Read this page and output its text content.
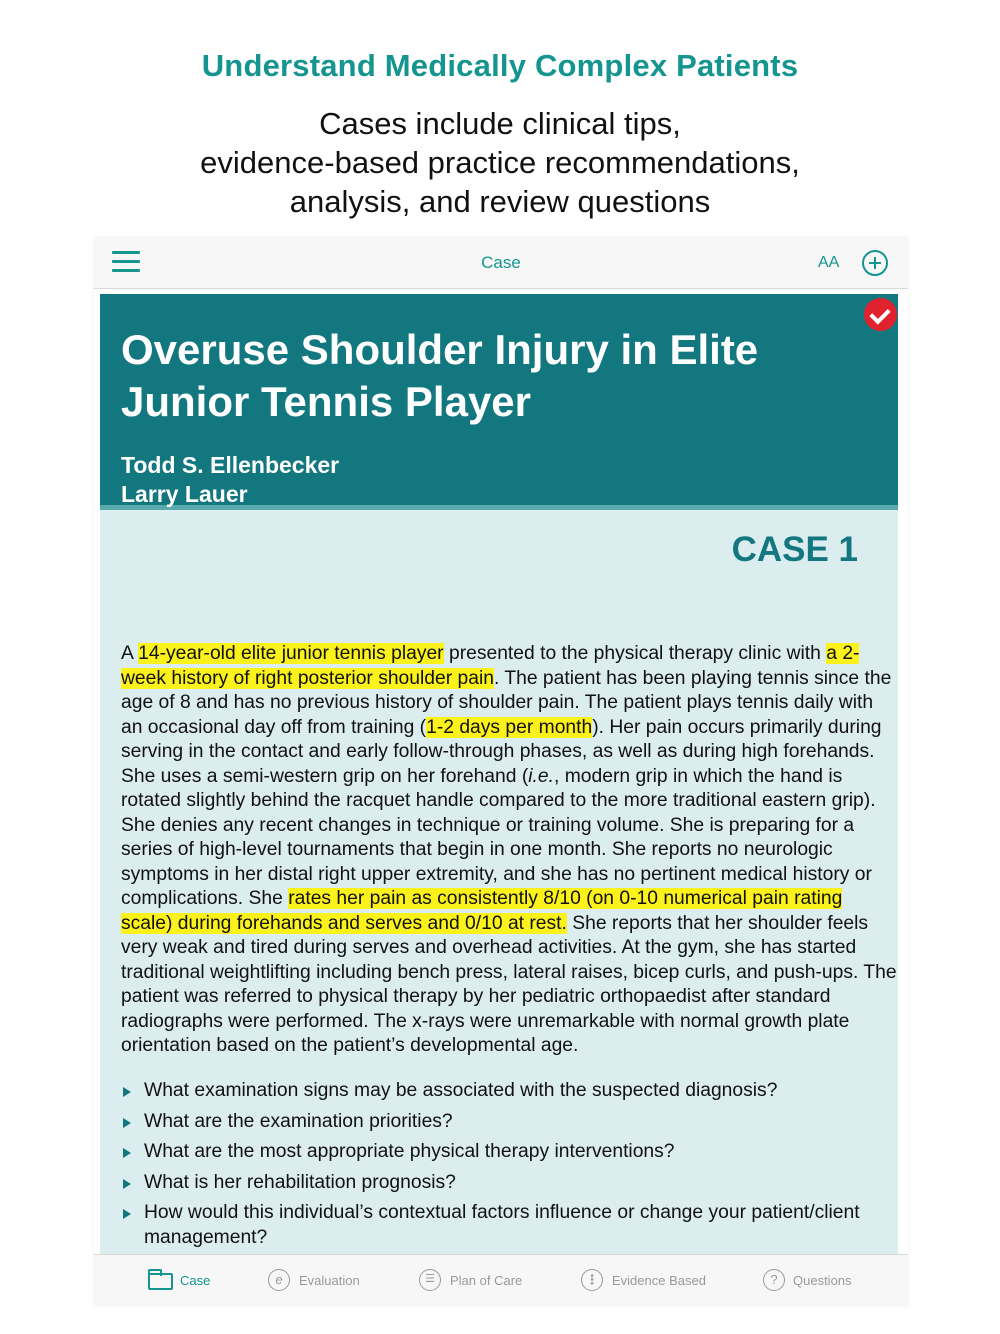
Understand Medically Complex Patients
Cases include clinical tips,
evidence-based practice recommendations,
analysis, and review questions
Case	AA
Overuse Shoulder Injury in Elite Junior Tennis Player
Todd S. Ellenbecker
Larry Lauer
CASE 1

A 14-year-old elite junior tennis player presented to the physical therapy clinic with a 2-week history of right posterior shoulder pain. The patient has been playing tennis since the age of 8 and has no previous history of shoulder pain. The patient plays tennis daily with an occasional day off from training (1-2 days per month). Her pain occurs primarily during serving in the contact and early follow-through phases, as well as during high forehands. She uses a semi-western grip on her forehand (i.e., modern grip in which the hand is rotated slightly behind the racquet handle compared to the more traditional eastern grip). She denies any recent changes in technique or training volume. She is preparing for a series of high-level tournaments that begin in one month. She reports no neurologic symptoms in her distal right upper extremity, and she has no pertinent medical history or complications. She rates her pain as consistently 8/10 (on 0-10 numerical pain rating scale) during forehands and serves and 0/10 at rest. She reports that her shoulder feels very weak and tired during serves and overhead activities. At the gym, she has started traditional weightlifting including bench press, lateral raises, bicep curls, and push-ups. The patient was referred to physical therapy by her pediatric orthopaedist after standard radiographs were performed. The x-rays were unremarkable with normal growth plate orientation based on the patient’s developmental age.

What examination signs may be associated with the suspected diagnosis?
What are the examination priorities?
What are the most appropriate physical therapy interventions?
What is her rehabilitation prognosis?
How would this individual’s contextual factors influence or change your patient/client management?
Case	e	Evaluation	☰	Plan of Care	⋮	Evidence Based	?	Questions
